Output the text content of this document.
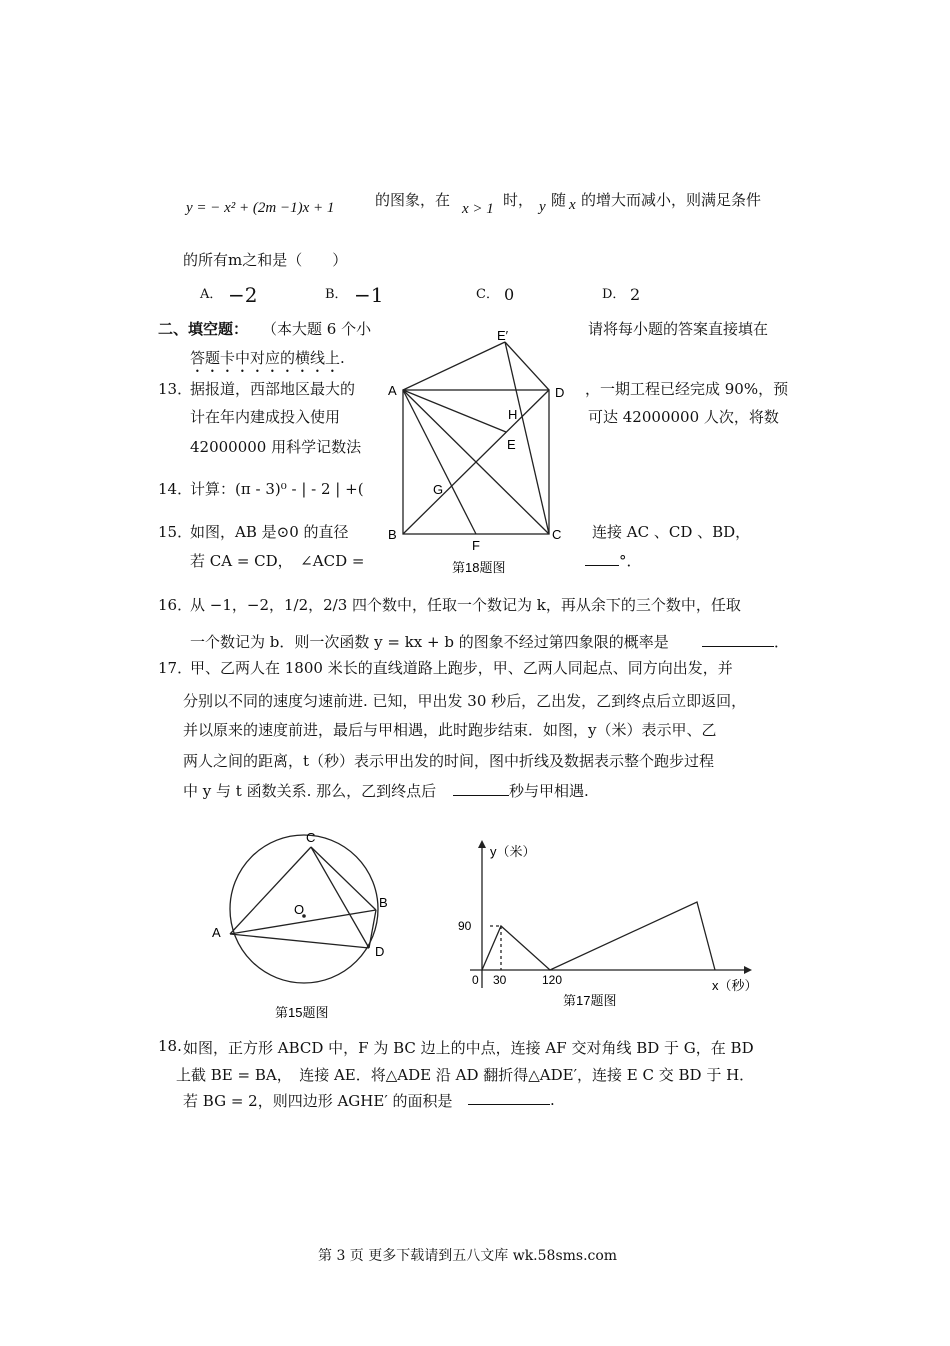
y = − x² + (2m −1)x + 1	的图象，在 x > 1 时， y 随 x 的增大而减小，则满足条件
的所有m之和是（　　）
A． −2	B． −1	C． 0	D． 2
二、填空题： （本大题 6 个小	请将每小题的答案直接填在
答题卡中对应的横线上.
13．
据报道，西部地区最大的	，一期工程已经完成 90%，预
计在年内建成投入使用	可达 42000000 人次，将数
42000000 用科学记数法
14．
计算：(π - 3)⁰ - | - 2 | +(
15．
如图，AB 是⊙0 的直径	连接 AC 、CD 、BD，
若 CA = CD，　∠ACD =	°．
16．
从 −1，−2，1/2，2/3 四个数中，任取一个数记为 k，再从余下的三个数中，任取
一个数记为 b．则一次函数 y = kx + b 的图象不经过第四象限的概率是	．
17．
甲、乙两人在 1800 米长的直线道路上跑步，甲、乙两人同起点、同方向出发，并
分别以不同的速度匀速前进. 已知，甲出发 30 秒后，乙出发，乙到终点后立即返回，
并以原来的速度前进，最后与甲相遇，此时跑步结束．如图，y（米）表示甲、乙
两人之间的距离，t（秒）表示甲出发的时间，图中折线及数据表示整个跑步过程
中 y 与 t 函数关系. 那么，乙到终点后	秒与甲相遇.
18. 如图，正方形 ABCD 中，F 为 BC 边上的中点，连接 AF 交对角线 BD 于 G，在 BD
上截 BE = BA，　连接 AE．将△ADE 沿 AD 翻折得△ADE′，连接 E C 交 BD 于 H．
若 BG = 2，则四边形 AGHE′ 的面积是	.
A
B	C
D
E′
H
E
G
F
第18题图
C
A
O	B
D
第15题图
y（米）
90
0 30	120	x（秒）
第17题图
第 3 页 更多下载请到五八文库 wk.58sms.com
